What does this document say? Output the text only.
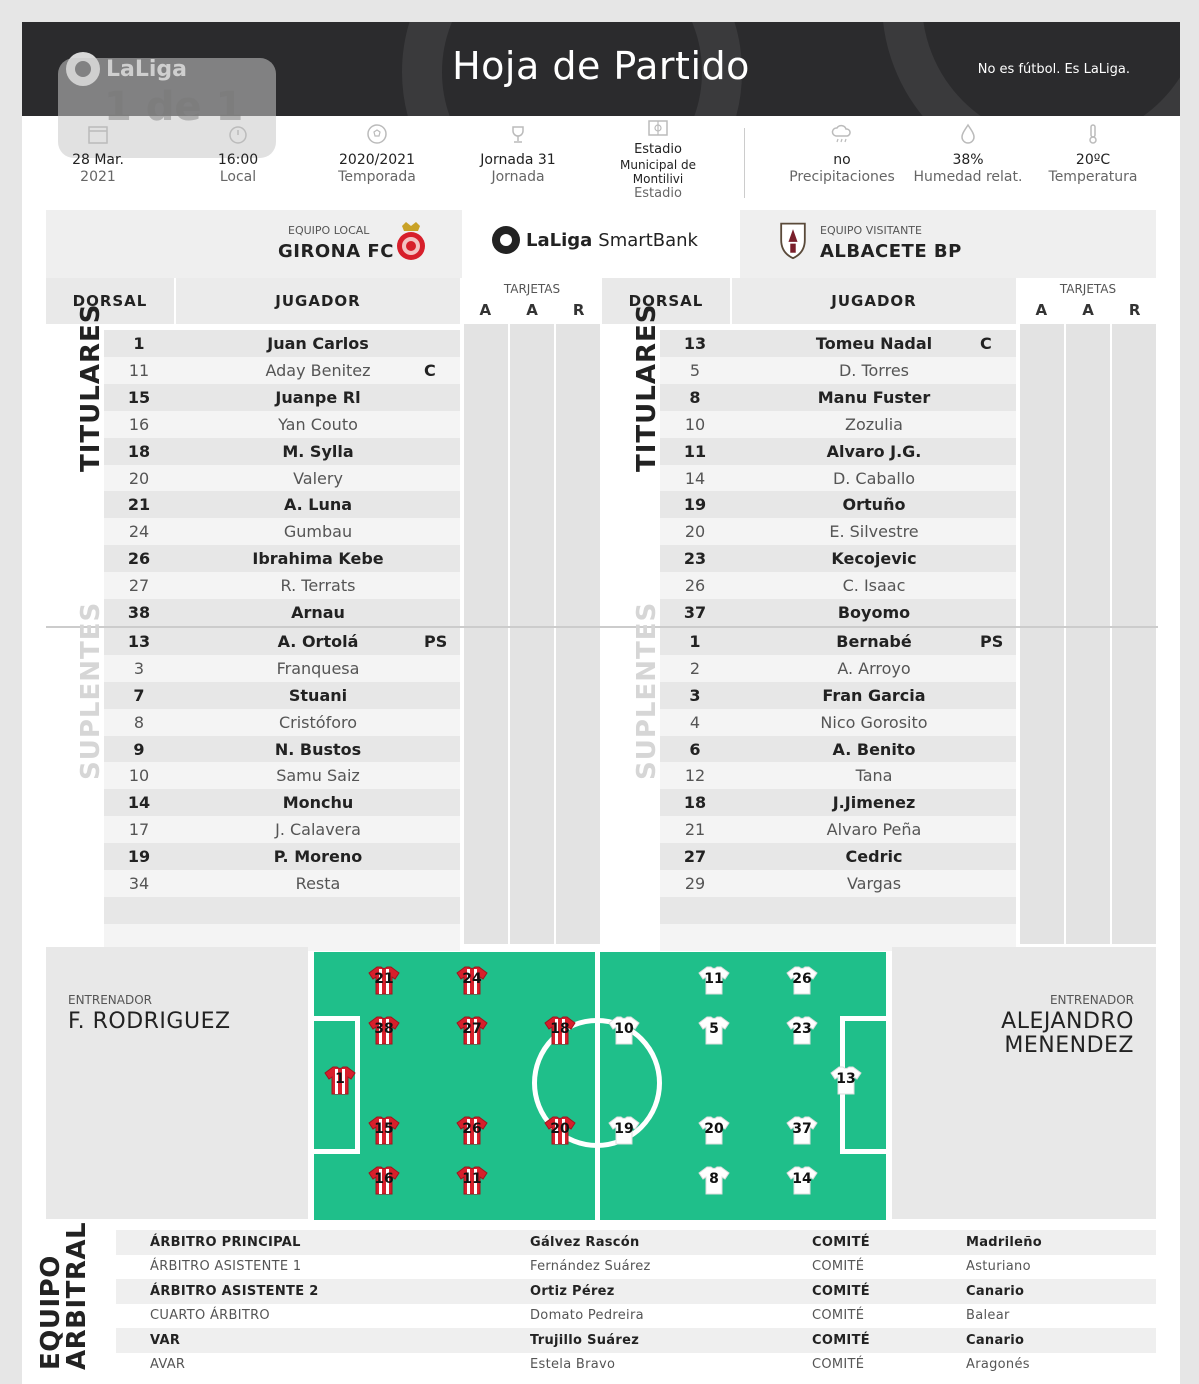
Hoja de Partido	No es fútbol. Es LaLiga.
1 de 1
28 Mar.
2021
16:00
Local
2020/2021
Temporada
Jornada 31
Jornada
Estadio
Municipal de Montilivi
Estadio
no
Precipitaciones
38%
Humedad relat.
20ºC
Temperatura
EQUIPO LOCAL
GIRONA FC
LaLiga SmartBank	EQUIPO VISITANTE
ALBACETE BP
DORSAL	JUGADOR
TARJETAS
A A R
1	Juan Carlos
11	Aday Benitez	C
15	Juanpe Rl
16	Yan Couto
18	M. Sylla
20	Valery
21	A. Luna
24	Gumbau
26	Ibrahima Kebe
27	R. Terrats
38	Arnau
13	A. Ortolá	PS
3	Franquesa
7	Stuani
8	Cristóforo
9	N. Bustos
10	Samu Saiz
14	Monchu
17	J. Calavera
19	P. Moreno
34	Resta
TITULARES
SUPLENTES
DORSAL	JUGADOR
TARJETAS
A A R
13	Tomeu Nadal	C
5	D. Torres
8	Manu Fuster
10	Zozulia
11	Alvaro J.G.
14	D. Caballo
19	Ortuño
20	E. Silvestre
23	Kecojevic
26	C. Isaac
37	Boyomo
1	Bernabé	PS
2	A. Arroyo
3	Fran Garcia
4	Nico Gorosito
6	A. Benito
12	Tana
18	J.Jimenez
21	Alvaro Peña
27	Cedric
29	Vargas
TITULARES
SUPLENTES
ENTRENADOR
F. RODRIGUEZ
ENTRENADOR
ALEJANDRO
MENENDEZ
21	24
38	27	18
1
15	26	20
16	11
11	26
10	5	23
13
19	20	37
8	14
EQUIPO ARBITRAL	ÁRBITRO PRINCIPAL	Gálvez Rascón	COMITÉ	Madrileño
ÁRBITRO ASISTENTE 1	Fernández Suárez	COMITÉ	Asturiano
ÁRBITRO ASISTENTE 2	Ortiz Pérez	COMITÉ	Canario
CUARTO ÁRBITRO	Domato Pedreira	COMITÉ	Balear
VAR	Trujillo Suárez	COMITÉ	Canario
AVAR	Estela Bravo	COMITÉ	Aragonés
